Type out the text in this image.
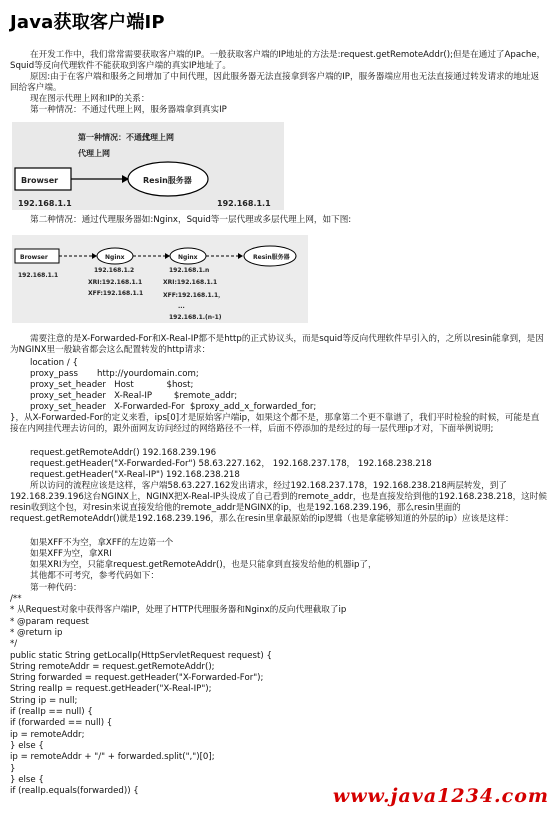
Java获取客户端IP
在开发工作中，我们常常需要获取客户端的IP。一般获取客户端的IP地址的方法是:request.getRemoteAddr();但是在通过了Apache，Squid等反向代理软件不能获取到客户端的真实IP地址了。
原因:由于在客户端和服务之间增加了中间代理，因此服务器无法直接拿到客户端的IP，服务器端应用也无法直接通过转发请求的地址返回给客户端。
现在图示代理上网和IP的关系：
第一种情况：不通过代理上网，服务器端拿到真实IP
第一种情况：不通过
代理上网
代理上网
Browser	Resin服务器
192.168.1.1	192.168.1.1
第二种情况：通过代理服务器如:Nginx，Squid等一层代理或多层代理上网，如下图:
Browser	Nginx	Nginx	Resin服务器
192.168.1.1
192.168.1.2
XRI:192.168.1.1
XFF:192.168.1.1
192.168.1.n
XRI:192.168.1.1
XFF:192.168.1.1，
...
192.168.1.(n-1)
需要注意的是X-Forwarded-For和X-Real-IP都不是http的正式协议头，而是squid等反向代理软件早引入的，之所以resin能拿到，是因为NGINX里一般缺省都会这么配置转发的http请求：
location / {
proxy_pass       http://yourdomain.com;
proxy_set_header   Host            $host;
proxy_set_header   X-Real-IP        $remote_addr;
proxy_set_header   X-Forwarded-For  $proxy_add_x_forwarded_for;
}，从X-Forwarded-For的定义来看，ips[0]才是原始客户端ip，如果这个都不是，那拿第二个更不靠谱了，我们平时检验的时候，可能是直接在内网挂代理去访问的，跟外面网友访问经过的网络路径不一样，后面不停添加的是经过的每一层代理ip才对，下面举例说明;
request.getRemoteAddr() 192.168.239.196
request.getHeader("X-Forwarded-For") 58.63.227.162， 192.168.237.178， 192.168.238.218
request.getHeader("X-Real-IP") 192.168.238.218
所以访问的流程应该是这样，客户端58.63.227.162发出请求，经过192.168.237.178，192.168.238.218两层转发，到了192.168.239.196这台NGINX上，NGINX把X-Real-IP头设成了自己看到的remote_addr，也是直接发给到他的192.168.238.218，这时候resin收到这个包，对resin来说直接发给他的remote_addr是NGINX的ip，也是192.168.239.196，那么resin里面的request.getRemoteAddr()就是192.168.239.196，那么在resin里拿最原始的ip逻辑（也是拿能够知道的外层的ip）应该是这样：
如果XFF不为空，拿XFF的左边第一个
如果XFF为空，拿XRI
如果XRI为空，只能拿request.getRemoteAddr()，也是只能拿到直接发给他的机器ip了，
其他都不可考究，参考代码如下：
第一种代码：
/**
* 从Request对象中获得客户端IP，处理了HTTP代理服务器和Nginx的反向代理截取了ip
* @param request
* @return ip
*/
public static String getLocalIp(HttpServletRequest request) {
String remoteAddr = request.getRemoteAddr();
String forwarded = request.getHeader("X-Forwarded-For");
String realIp = request.getHeader("X-Real-IP");
String ip = null;
if (realIp == null) {
if (forwarded == null) {
ip = remoteAddr;
} else {
ip = remoteAddr + "/" + forwarded.split(",")[0];
}
} else {
if (realIp.equals(forwarded)) {	www.java1234.com
